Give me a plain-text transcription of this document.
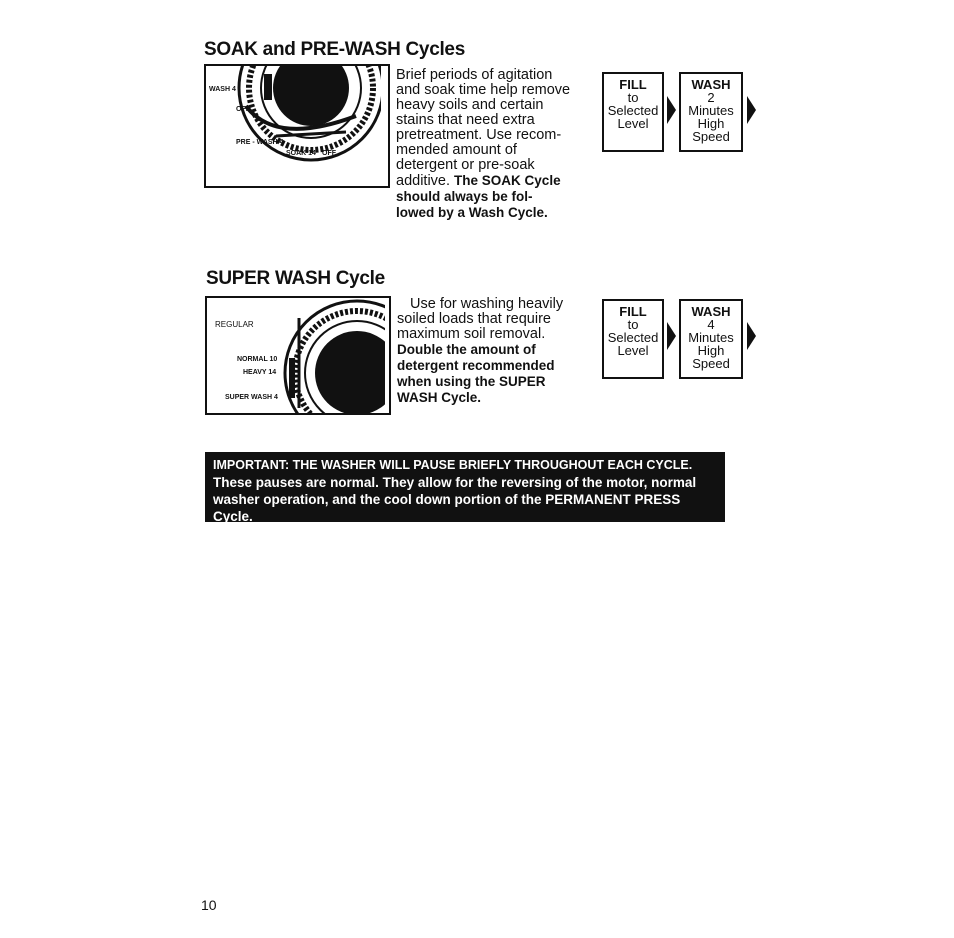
SOAK and PRE-WASH Cycles
WASH 4
OFF
PRE - WASH 4
SOAK 14 OFF
Brief periods of agitation
and soak time help remove
heavy soils and certain
stains that need extra
pretreatment. Use recom-
mended amount of
detergent or pre-soak
additive. The SOAK Cycle
should always be fol-
lowed by a Wash Cycle.
FILL
to
Selected
Level
WASH
2
Minutes
High
Speed
SUPER WASH Cycle
REGULAR
NORMAL 10
HEAVY 14
SUPER WASH 4
Use for washing heavily
soiled loads that require
maximum soil removal.
Double the amount of
detergent recommended
when using the SUPER
WASH Cycle.
FILL
to
Selected
Level
WASH
4
Minutes
High
Speed
IMPORTANT: THE WASHER WILL PAUSE BRIEFLY THROUGHOUT EACH CYCLE.
These pauses are normal. They allow for the reversing of the motor, normal
washer operation, and the cool down portion of the PERMANENT PRESS
Cycle.
10
